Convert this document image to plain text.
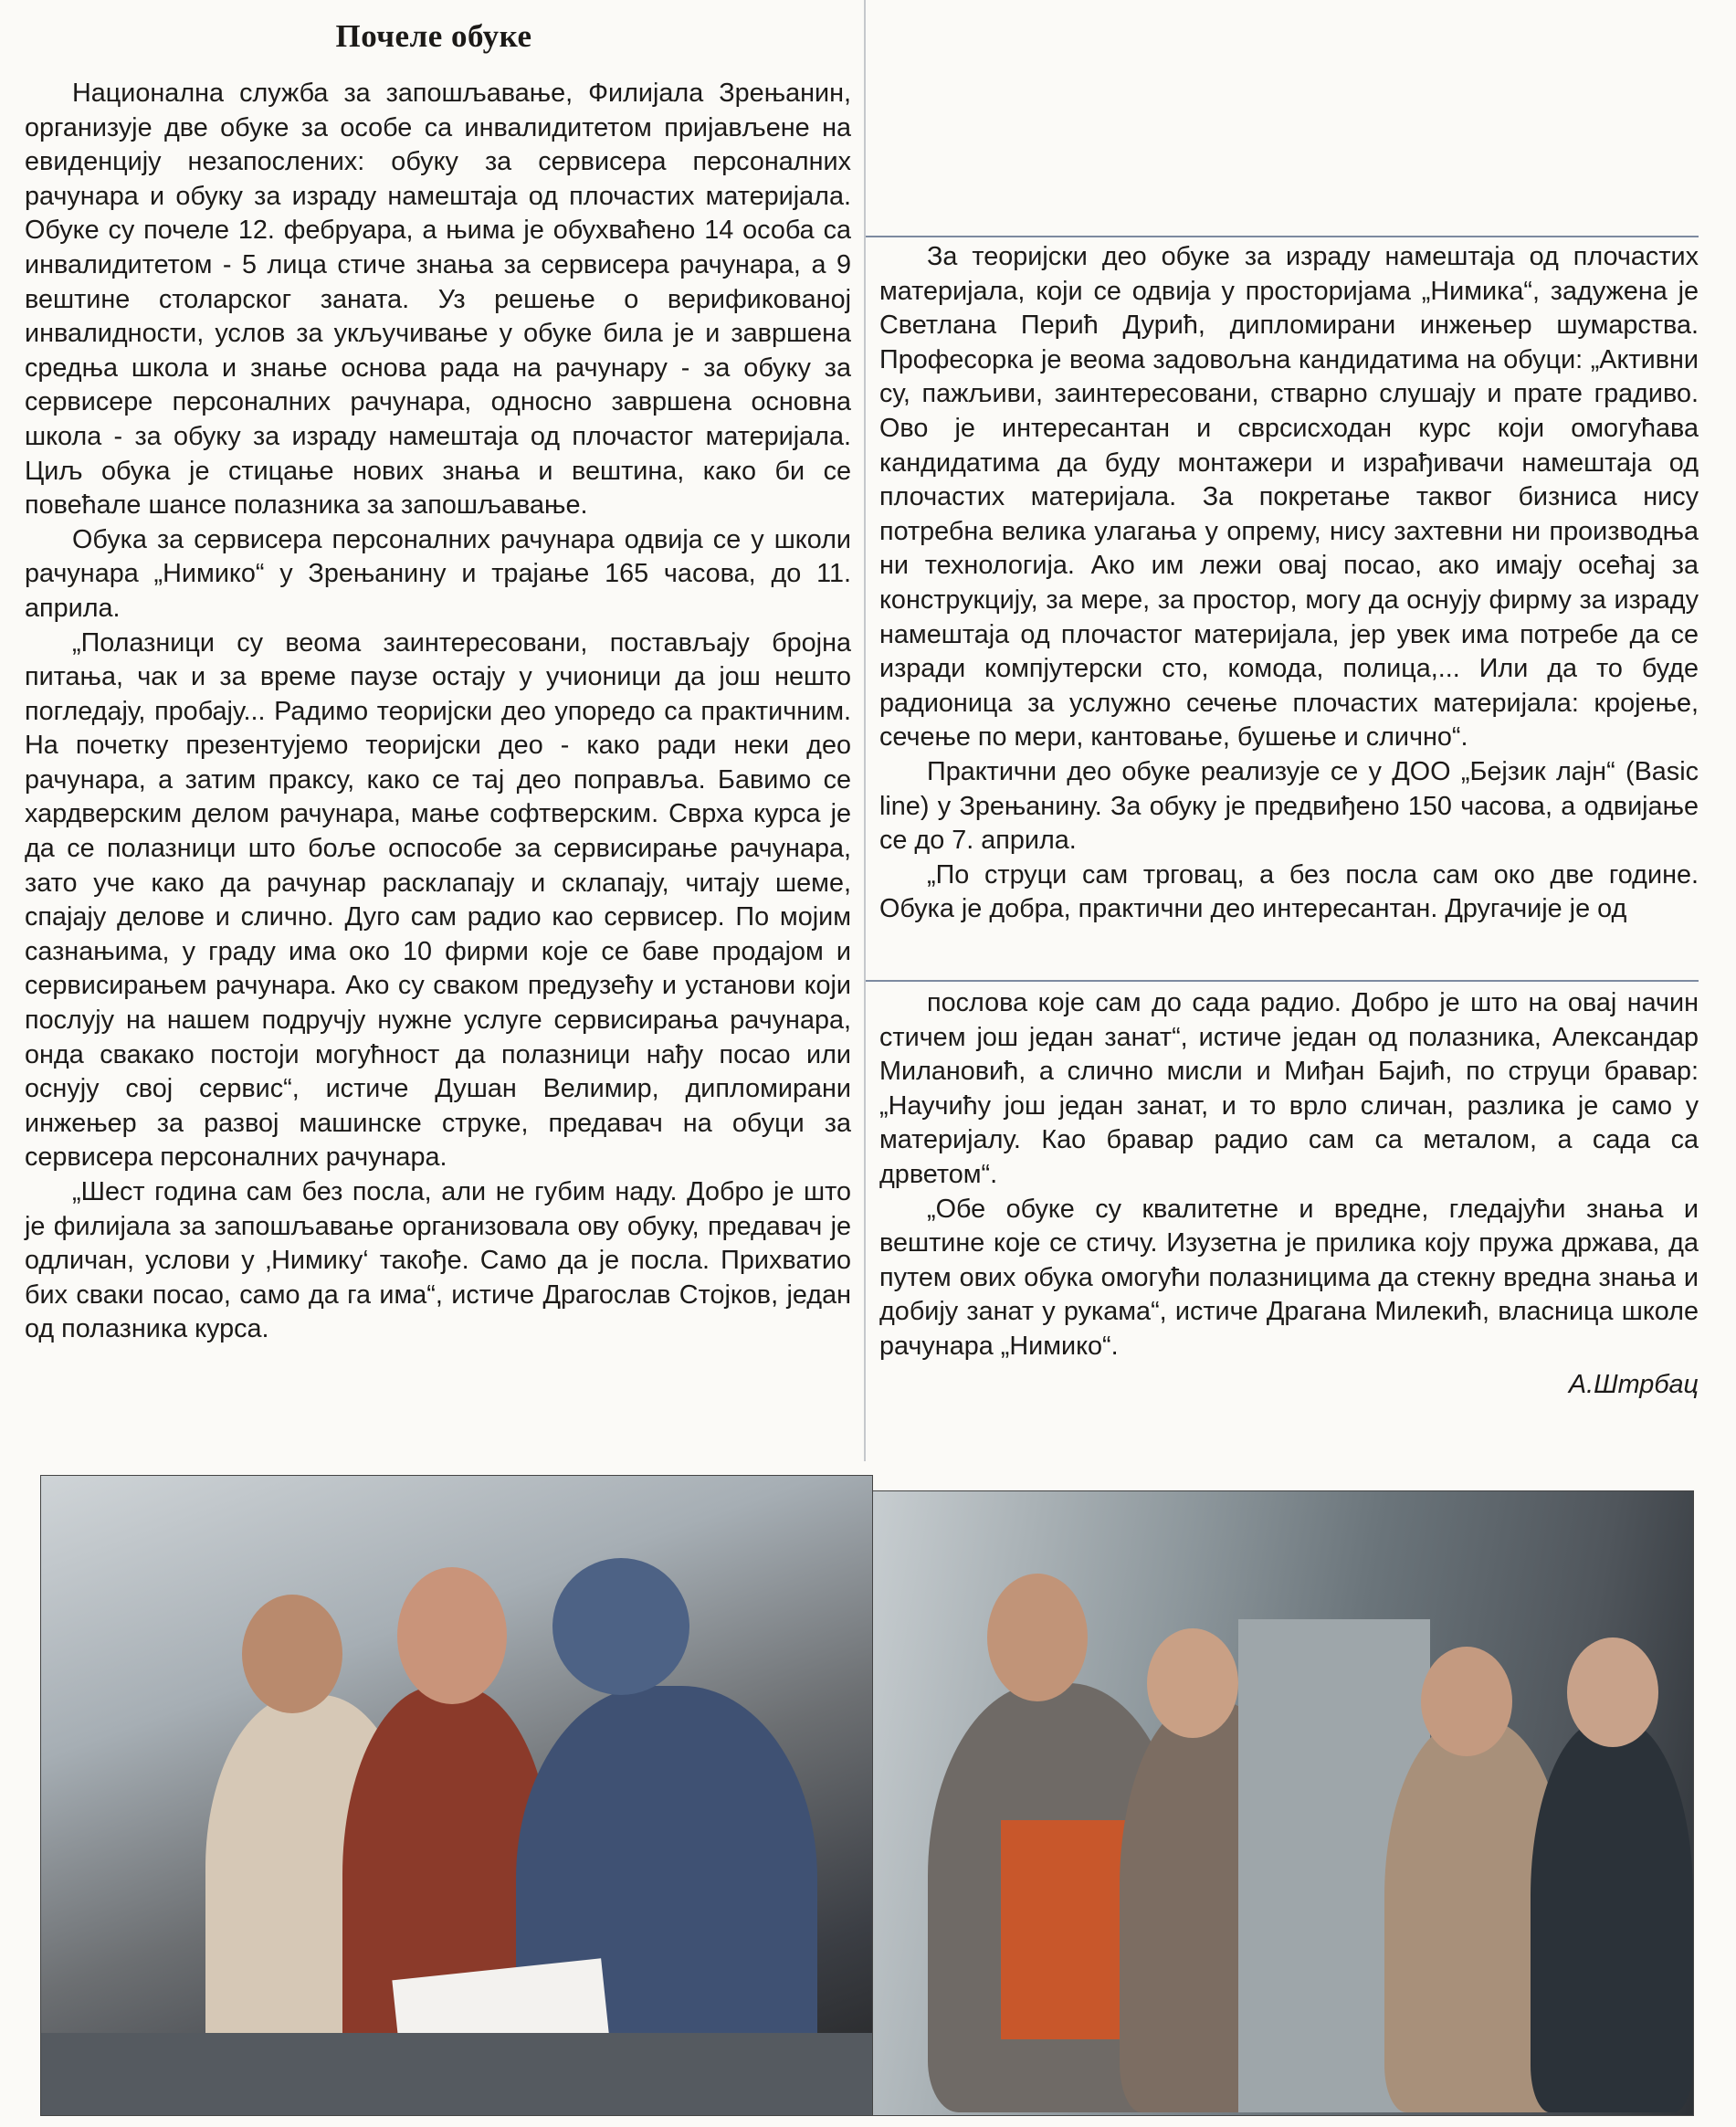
Почеле обуке

Национална служба за запошљавање, Филијала Зрењанин, организује две обуке за особе са инвалидитетом пријављене на евиденцију незапослених: обуку за сервисера персоналних рачунара и обуку за израду намештаја од плочастих материјала. Обуке су почеле 12. фебруара, а њима је обухваћено 14 особа са инвалидитетом - 5 лица стиче знања за сервисера рачунара, а 9 вештине столарског заната. Уз решење о верификованој инвалидности, услов за укључивање у обуке била је и завршена средња школа и знање основа рада на рачунару - за обуку за сервисере персоналних рачунара, односно завршена основна школа - за обуку за израду намештаја од плочастог материјала. Циљ обука је стицање нових знања и вештина, како би се повећале шансе полазника за запошљавање.

Обука за сервисера персоналних рачунара одвија се у школи рачунара „Нимико“ у Зрењанину и трајање 165 часова, до 11. априла.

„Полазници су веома заинтересовани, постављају бројна питања, чак и за време паузе остају у учионици да још нешто погледају, пробају... Радимо теоријски део упоредо са практичним. На почетку презентујемо теоријски део - како ради неки део рачунара, а затим праксу, како се тај део поправља. Бавимо се хардверским делом рачунара, мање софтверским. Сврха курса је да се полазници што боље оспособе за сервисирање рачунара, зато уче како да рачунар расклапају и склапају, читају шеме, спајају делове и слично. Дуго сам радио као сервисер. По мојим сазнањима, у граду има око 10 фирми које се баве продајом и сервисирањем рачунара. Ако су сваком предузећу и установи који послују на нашем подручју нужне услуге сервисирања рачунара, онда свакако постоји могућност да полазници нађу посао или оснују свој сервис“, истиче Душан Велимир, дипломирани инжењер за развој машинске струке, предавач на обуци за сервисера персоналних рачунара.

„Шест година сам без посла, али не губим наду. Добро је што је филијала за запошљавање организовала ову обуку, предавач је одличан, услови у ‚Нимику‘ такође. Само да је посла. Прихватио бих сваки посао, само да га има“, истиче Драгослав Стојков, један од полазника курса.

За теоријски део обуке за израду намештаја од плочастих материјала, који се одвија у просторијама „Нимика“, задужена је Светлана Перић Дурић, дипломирани инжењер шумарства. Професорка је веома задовољна кандидатима на обуци: „Активни су, пажљиви, заинтересовани, стварно слушају и прате градиво. Ово је интересантан и сврсисходан курс који омогућава кандидатима да буду монтажери и израђивачи намештаја од плочастих материјала. За покретање таквог бизниса нису потребна велика улагања у опрему, нису захтевни ни производња ни технологија. Ако им лежи овај посао, ако имају осећај за конструкцију, за мере, за простор, могу да оснују фирму за израду намештаја од плочастог материјала, јер увек има потребе да се изради компјутерски сто, комода, полица,... Или да то буде радионица за услужно сечење плочастих материјала: кројење, сечење по мери, кантовање, бушење и слично“.

Практични део обуке реализује се у ДОО „Бејзик лајн“ (Basic line) у Зрењанину. За обуку је предвиђено 150 часова, а одвијање се до 7. априла.

„По струци сам трговац, а без посла сам око две године. Обука је добра, практични део интересантан. Другачије је од

послова које сам до сада радио. Добро је што на овај начин стичем још један занат“, истиче један од полазника, Александар Милановић, а слично мисли и Миђан Бајић, по струци бравар: „Научићу још један занат, и то врло сличан, разлика је само у материјалу. Као бравар радио сам са металом, а сада са дрветом“.

„Обе обуке су квалитетне и вредне, гледајући знања и вештине које се стичу. Изузетна је прилика коју пружа држава, да путем ових обука омогући полазницима да стекну вредна знања и добију занат у рукама“, истиче Драгана Милекић, власница школе рачунара „Нимико“.

А.Штрбац
